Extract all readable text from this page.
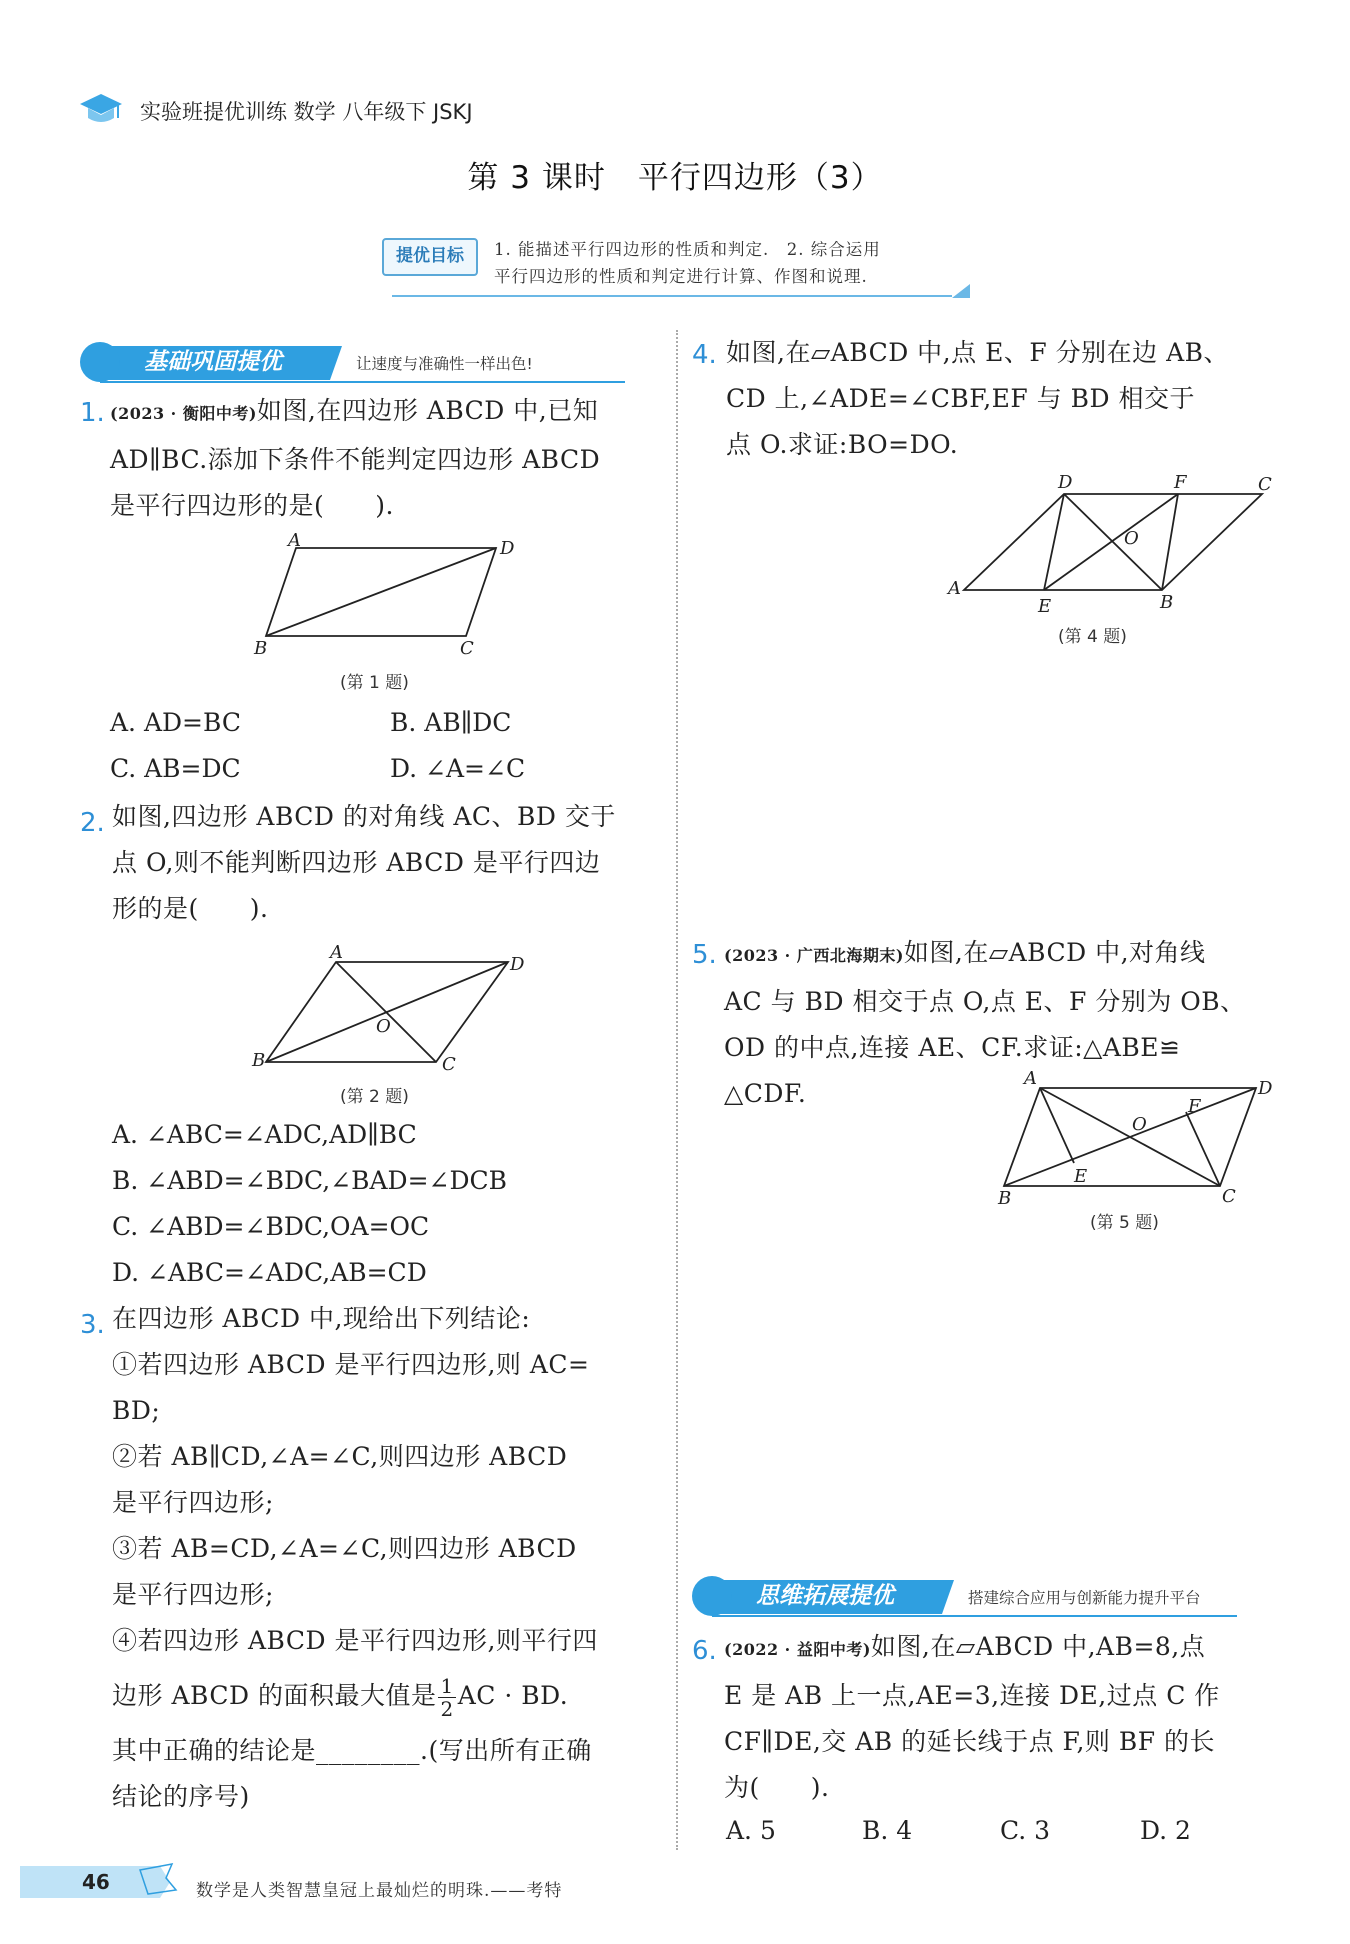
实验班提优训练 数学 八年级下 JSKJ
第 3 课时　平行四边形（3）
提优目标	1. 能描述平行四边形的性质和判定.　2. 综合运用
平行四边形的性质和判定进行计算、作图和说理.
基础巩固提优	让速度与准确性一样出色!
1. (2023 · 衡阳中考)如图,在四边形 ABCD 中,已知
AD∥BC.添加下条件不能判定四边形 ABCD
是平行四边形的是(　　).
A	D
B	C
(第 1 题)
A. AD=BC	B. AB∥DC
C. AB=DC	D. ∠A=∠C
2. 如图,四边形 ABCD 的对角线 AC、BD 交于
点 O,则不能判断四边形 ABCD 是平行四边
形的是(　　).
A
D
B	C
O
(第 2 题)
A. ∠ABC=∠ADC,AD∥BC
B. ∠ABD=∠BDC,∠BAD=∠DCB
C. ∠ABD=∠BDC,OA=OC
D. ∠ABC=∠ADC,AB=CD
3. 在四边形 ABCD 中,现给出下列结论:
①若四边形 ABCD 是平行四边形,则 AC=
BD;
②若 AB∥CD,∠A=∠C,则四边形 ABCD
是平行四边形;
③若 AB=CD,∠A=∠C,则四边形 ABCD
是平行四边形;
④若四边形 ABCD 是平行四边形,则平行四
边形 ABCD 的面积最大值是 $\frac{1}{2}$ AC · BD.
其中正确的结论是________.(写出所有正确
结论的序号)
4. 如图,在▱ABCD 中,点 E、F 分别在边 AB、
CD 上,∠ADE=∠CBF,EF 与 BD 相交于
点 O.求证:BO=DO.
D	F	C
A
E	B
O
(第 4 题)
5. (2023 · 广西北海期末)如图,在▱ABCD 中,对角线
AC 与 BD 相交于点 O,点 E、F 分别为 OB、
OD 的中点,连接 AE、CF.求证:△ABE≌
△CDF.
A	D
B	C
E
F
O
(第 5 题)
思维拓展提优	搭建综合应用与创新能力提升平台
6. (2022 · 益阳中考)如图,在▱ABCD 中,AB=8,点
E 是 AB 上一点,AE=3,连接 DE,过点 C 作
CF∥DE,交 AB 的延长线于点 F,则 BF 的长
为(　　).
A. 5	B. 4	C. 3	D. 2
46	数学是人类智慧皇冠上最灿烂的明珠.——考特
